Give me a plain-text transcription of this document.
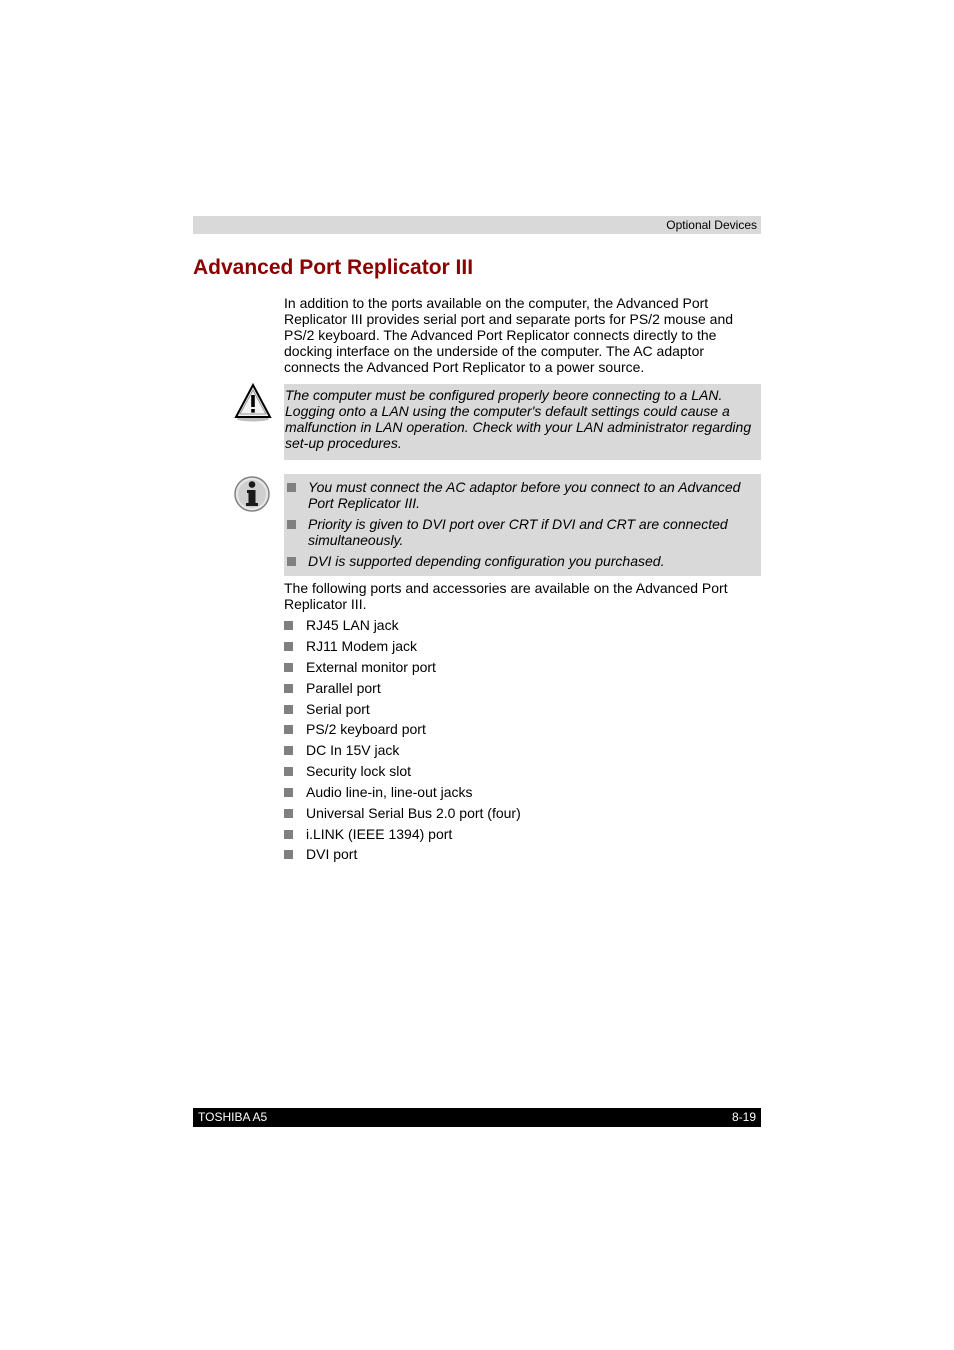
Optional Devices
Advanced Port Replicator III

In addition to the ports available on the computer, the Advanced Port Replicator III provides serial port and separate ports for PS/2 mouse and PS/2 keyboard. The Advanced Port Replicator connects directly to the docking interface on the underside of the computer. The AC adaptor connects the Advanced Port Replicator to a power source.

The computer must be configured properly beore connecting to a LAN.
Logging onto a LAN using the computer's default settings could cause a
malfunction in LAN operation. Check with your LAN administrator regarding
set-up procedures.
You must connect the AC adaptor before you connect to an Advanced Port Replicator III.
Priority is given to DVI port over CRT if DVI and CRT are connected simultaneously.
DVI is supported depending configuration you purchased.

The following ports and accessories are available on the Advanced Port Replicator III.

RJ45 LAN jack
RJ11 Modem jack
External monitor port
Parallel port
Serial port
PS/2 keyboard port
DC In 15V jack
Security lock slot
Audio line-in, line-out jacks
Universal Serial Bus 2.0 port (four)
i.LINK (IEEE 1394) port
DVI port
TOSHIBA A5	8-19
